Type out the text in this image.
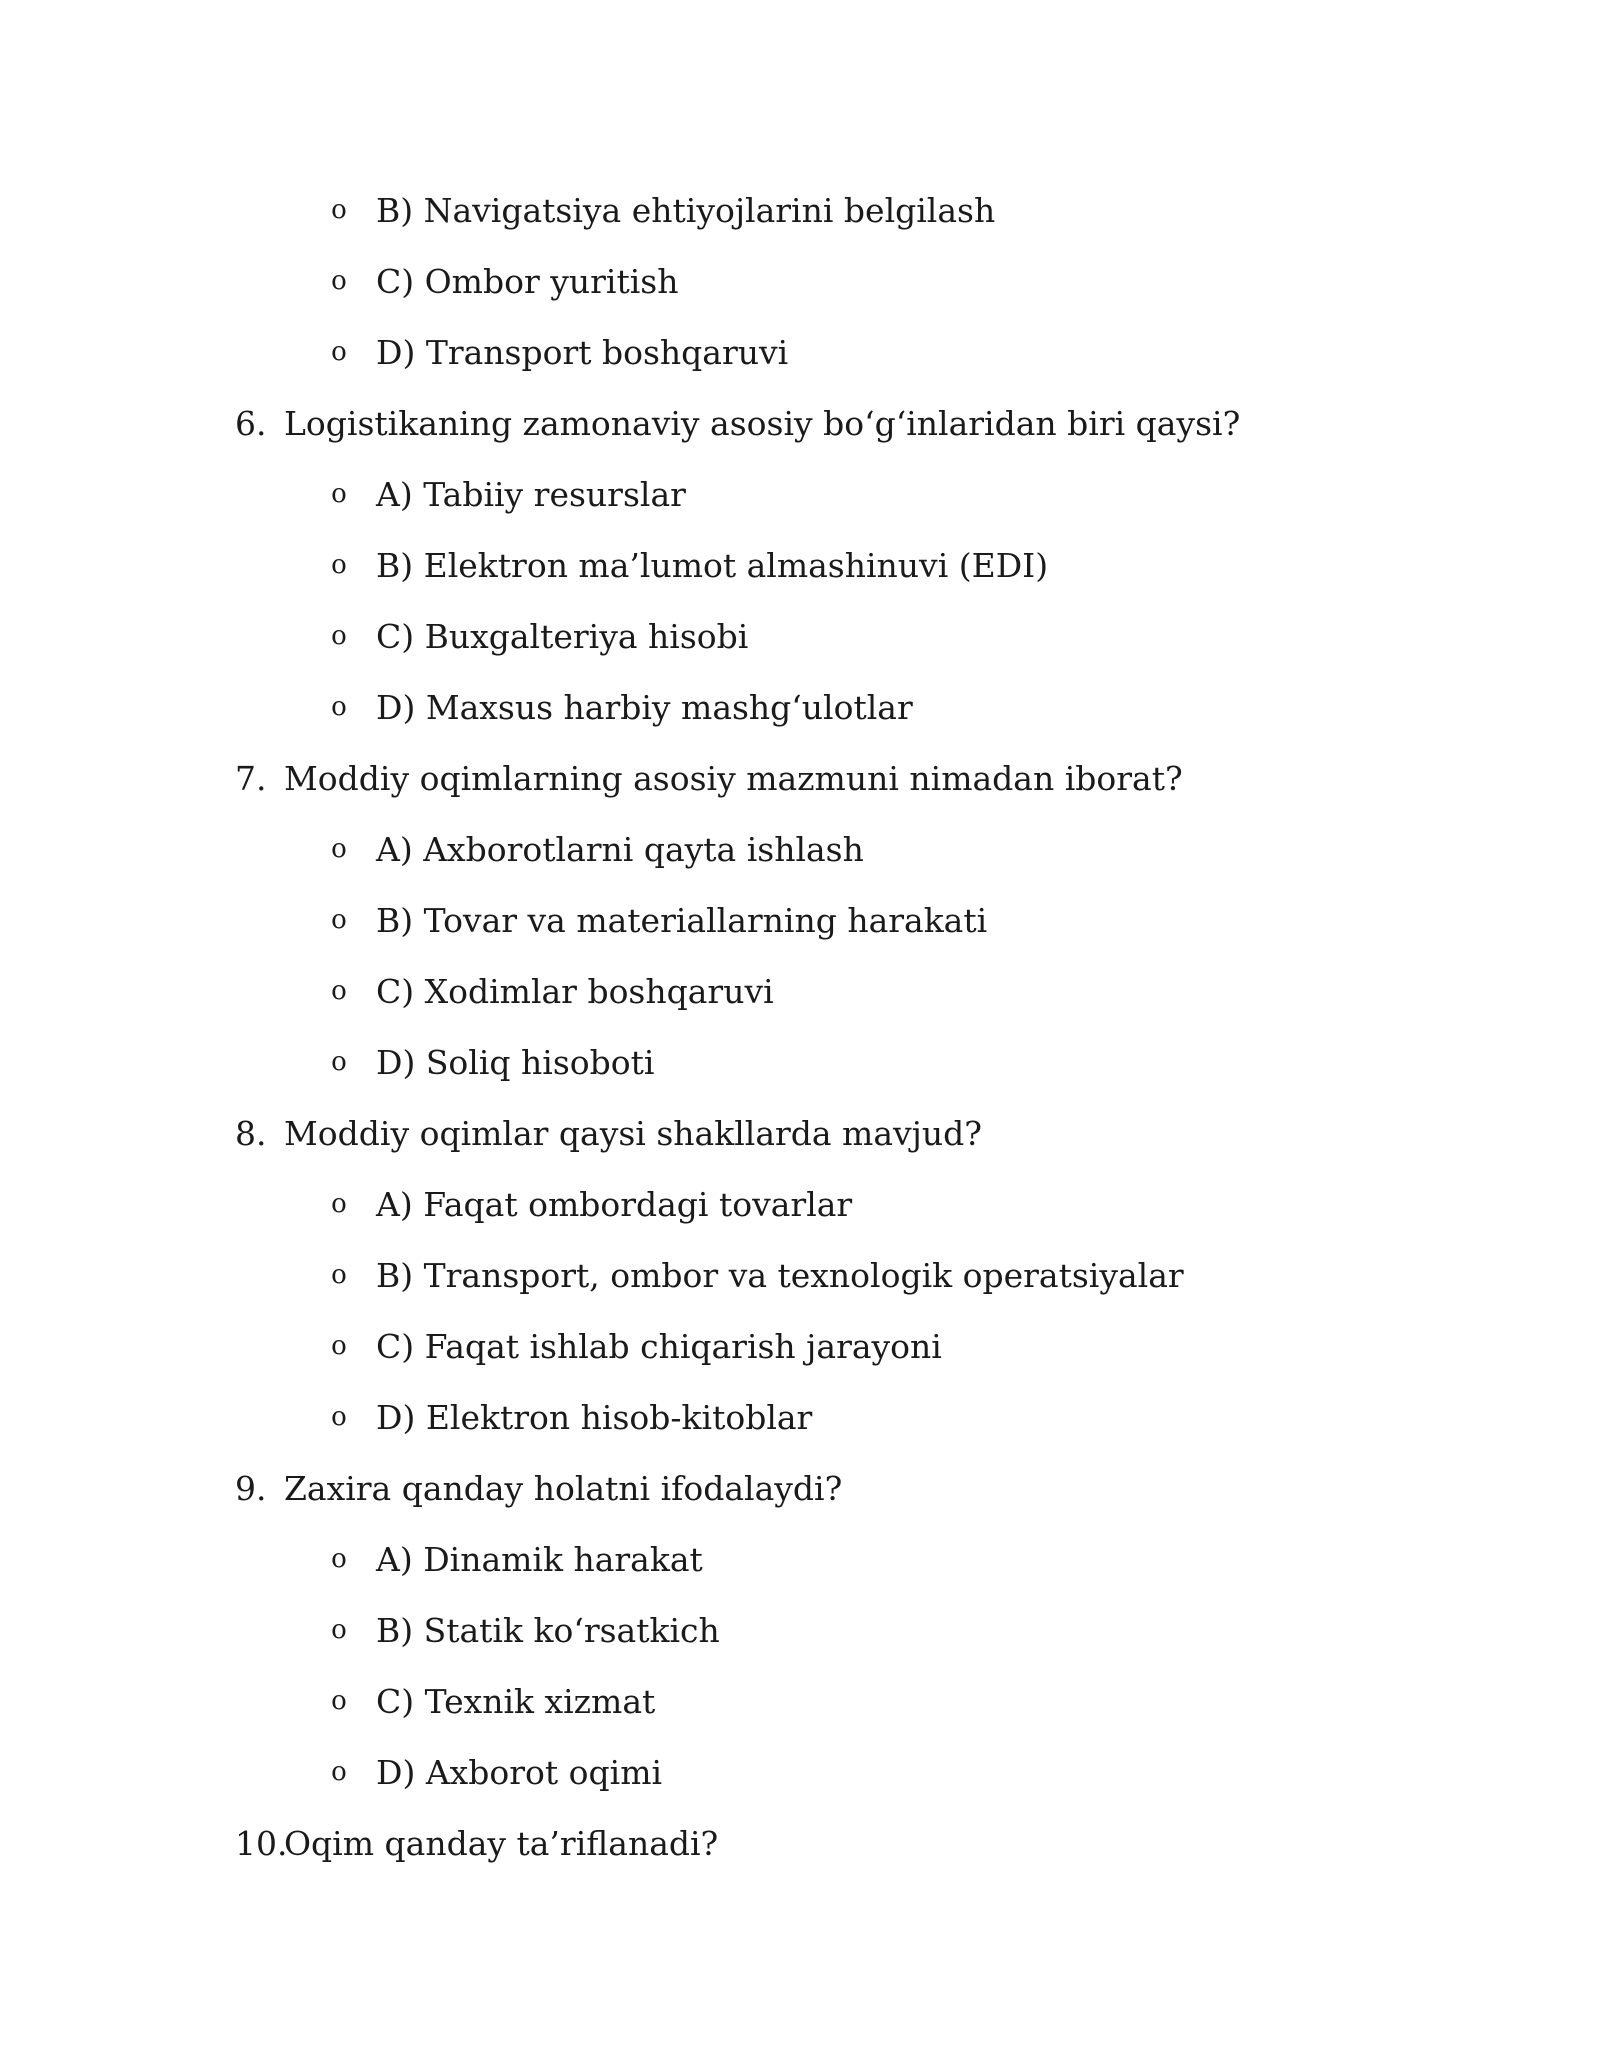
o B) Navigatsiya ehtiyojlarini belgilash
o C) Ombor yuritish
o D) Transport boshqaruvi
6. Logistikaning zamonaviy asosiy bo‘g‘inlaridan biri qaysi?
o A) Tabiiy resurslar
o B) Elektron ma’lumot almashinuvi (EDI)
o C) Buxgalteriya hisobi
o D) Maxsus harbiy mashg‘ulotlar
7. Moddiy oqimlarning asosiy mazmuni nimadan iborat?
o A) Axborotlarni qayta ishlash
o B) Tovar va materiallarning harakati
o C) Xodimlar boshqaruvi
o D) Soliq hisoboti
8. Moddiy oqimlar qaysi shakllarda mavjud?
o A) Faqat ombordagi tovarlar
o B) Transport, ombor va texnologik operatsiyalar
o C) Faqat ishlab chiqarish jarayoni
o D) Elektron hisob-kitoblar
9. Zaxira qanday holatni ifodalaydi?
o A) Dinamik harakat
o B) Statik ko‘rsatkich
o C) Texnik xizmat
o D) Axborot oqimi
10.
Oqim qanday ta’riflanadi?
